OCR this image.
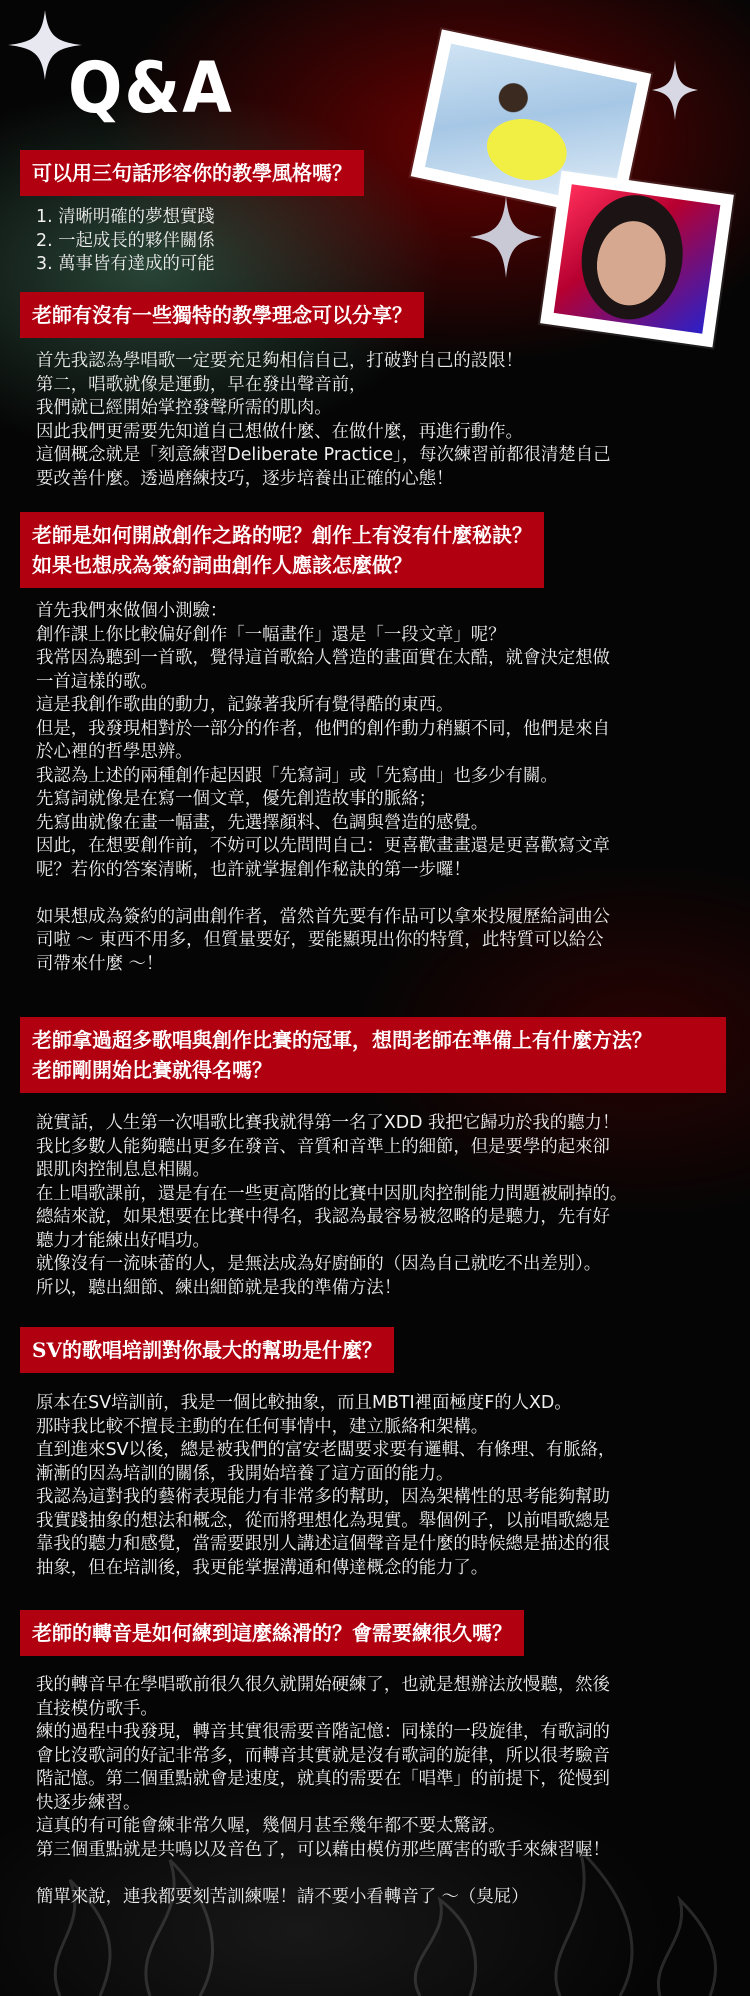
Q&A
可以用三句話形容你的教學風格嗎？

1. 清晰明確的夢想實踐

2. 一起成長的夥伴關係

3. 萬事皆有達成的可能

老師有沒有一些獨特的教學理念可以分享？

首先我認為學唱歌一定要充足夠相信自己，打破對自己的設限！

第二，唱歌就像是運動，早在發出聲音前，

我們就已經開始掌控發聲所需的肌肉。

因此我們更需要先知道自己想做什麼、在做什麼，再進行動作。

這個概念就是「刻意練習Deliberate Practice」，每次練習前都很清楚自己

要改善什麼。透過磨練技巧，逐步培養出正確的心態！

老師是如何開啟創作之路的呢？創作上有沒有什麼秘訣？
如果也想成為簽約詞曲創作人應該怎麼做？

首先我們來做個小測驗：

創作課上你比較偏好創作「一幅畫作」還是「一段文章」呢？

我常因為聽到一首歌，覺得這首歌給人營造的畫面實在太酷，就會決定想做

一首這樣的歌。

這是我創作歌曲的動力，記錄著我所有覺得酷的東西。

但是，我發現相對於一部分的作者，他們的創作動力稍顯不同，他們是來自

於心裡的哲學思辨。

我認為上述的兩種創作起因跟「先寫詞」或「先寫曲」也多少有關。

先寫詞就像是在寫一個文章，優先創造故事的脈絡；

先寫曲就像在畫一幅畫，先選擇顏料、色調與營造的感覺。

因此，在想要創作前，不妨可以先問問自己：更喜歡畫畫還是更喜歡寫文章

呢？若你的答案清晰，也許就掌握創作秘訣的第一步囉！

如果想成為簽約的詞曲創作者，當然首先要有作品可以拿來投履歷給詞曲公

司啦 ～ 東西不用多，但質量要好，要能顯現出你的特質，此特質可以給公

司帶來什麼 ～！

老師拿過超多歌唱與創作比賽的冠軍，想問老師在準備上有什麼方法？
老師剛開始比賽就得名嗎？

說實話，人生第一次唱歌比賽我就得第一名了XDD 我把它歸功於我的聽力！

我比多數人能夠聽出更多在發音、音質和音準上的細節，但是要學的起來卻

跟肌肉控制息息相關。

在上唱歌課前，還是有在一些更高階的比賽中因肌肉控制能力問題被刷掉的。

總結來說，如果想要在比賽中得名，我認為最容易被忽略的是聽力，先有好

聽力才能練出好唱功。

就像沒有一流味蕾的人，是無法成為好廚師的（因為自己就吃不出差別）。

所以，聽出細節、練出細節就是我的準備方法！

SV的歌唱培訓對你最大的幫助是什麼？

原本在SV培訓前，我是一個比較抽象，而且MBTI裡面極度F的人XD。

那時我比較不擅長主動的在任何事情中，建立脈絡和架構。

直到進來SV以後，總是被我們的富安老闆要求要有邏輯、有條理、有脈絡，

漸漸的因為培訓的關係，我開始培養了這方面的能力。

我認為這對我的藝術表現能力有非常多的幫助，因為架構性的思考能夠幫助

我實踐抽象的想法和概念，從而將理想化為現實。舉個例子，以前唱歌總是

靠我的聽力和感覺，當需要跟別人講述這個聲音是什麼的時候總是描述的很

抽象，但在培訓後，我更能掌握溝通和傳達概念的能力了。

老師的轉音是如何練到這麼絲滑的？會需要練很久嗎？

我的轉音早在學唱歌前很久很久就開始硬練了，也就是想辦法放慢聽，然後

直接模仿歌手。

練的過程中我發現，轉音其實很需要音階記憶：同樣的一段旋律，有歌詞的

會比沒歌詞的好記非常多，而轉音其實就是沒有歌詞的旋律，所以很考驗音

階記憶。第二個重點就會是速度，就真的需要在「唱準」的前提下，從慢到

快逐步練習。

這真的有可能會練非常久喔，幾個月甚至幾年都不要太驚訝。

第三個重點就是共鳴以及音色了，可以藉由模仿那些厲害的歌手來練習喔！

簡單來說，連我都要刻苦訓練喔！請不要小看轉音了 ～（臭屁）
